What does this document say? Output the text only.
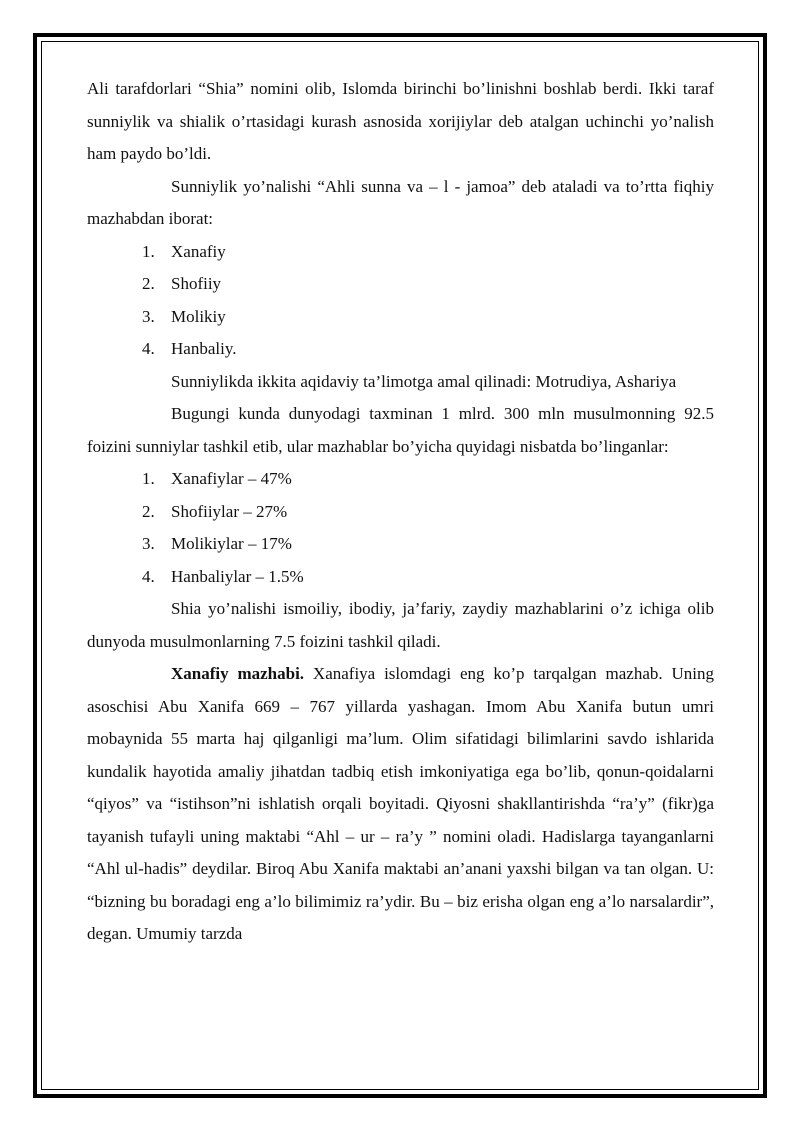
Ali tarafdorlari “Shia” nomini olib, Islomda birinchi bo’linishni boshlab berdi. Ikki taraf sunniylik va shialik o’rtasidagi kurash asnosida xorijiylar deb atalgan uchinchi yo’nalish ham paydo bo’ldi.

Sunniylik yo’nalishi “Ahli sunna va – l - jamoa” deb ataladi va to’rtta fiqhiy mazhabdan iborat:

1. Xanafiy
2. Shofiiy
3. Molikiy
4. Hanbaliy.

Sunniylikda ikkita aqidaviy ta’limotga amal qilinadi: Motrudiya, Ashariya

Bugungi kunda dunyodagi taxminan 1 mlrd. 300 mln musulmonning 92.5 foizini sunniylar tashkil etib, ular mazhablar bo’yicha quyidagi nisbatda bo’linganlar:

1. Xanafiylar – 47%
2. Shofiiylar – 27%
3. Molikiylar – 17%
4. Hanbaliylar – 1.5%

Shia yo’nalishi ismoiliy, ibodiy, ja’fariy, zaydiy mazhablarini o’z ichiga olib dunyoda musulmonlarning 7.5 foizini tashkil qiladi.

Xanafiy mazhabi. Xanafiya islomdagi eng ko’p tarqalgan mazhab. Uning asoschisi Abu Xanifa 669 – 767 yillarda yashagan. Imom Abu Xanifa butun umri mobaynida 55 marta haj qilganligi ma’lum. Olim sifatidagi bilimlarini savdo ishlarida kundalik hayotida amaliy jihatdan tadbiq etish imkoniyatiga ega bo’lib, qonun-qoidalarni “qiyos” va “istihson”ni ishlatish orqali boyitadi. Qiyosni shakllantirishda “ra’y” (fikr)ga tayanish tufayli uning maktabi “Ahl – ur – ra’y ” nomini oladi. Hadislarga tayanganlarni “Ahl ul-hadis” deydilar. Biroq Abu Xanifa maktabi an’anani yaxshi bilgan va tan olgan. U: “bizning bu boradagi eng a’lo bilimimiz ra’ydir. Bu – biz erisha olgan eng a’lo narsalardir”, degan. Umumiy tarzda
